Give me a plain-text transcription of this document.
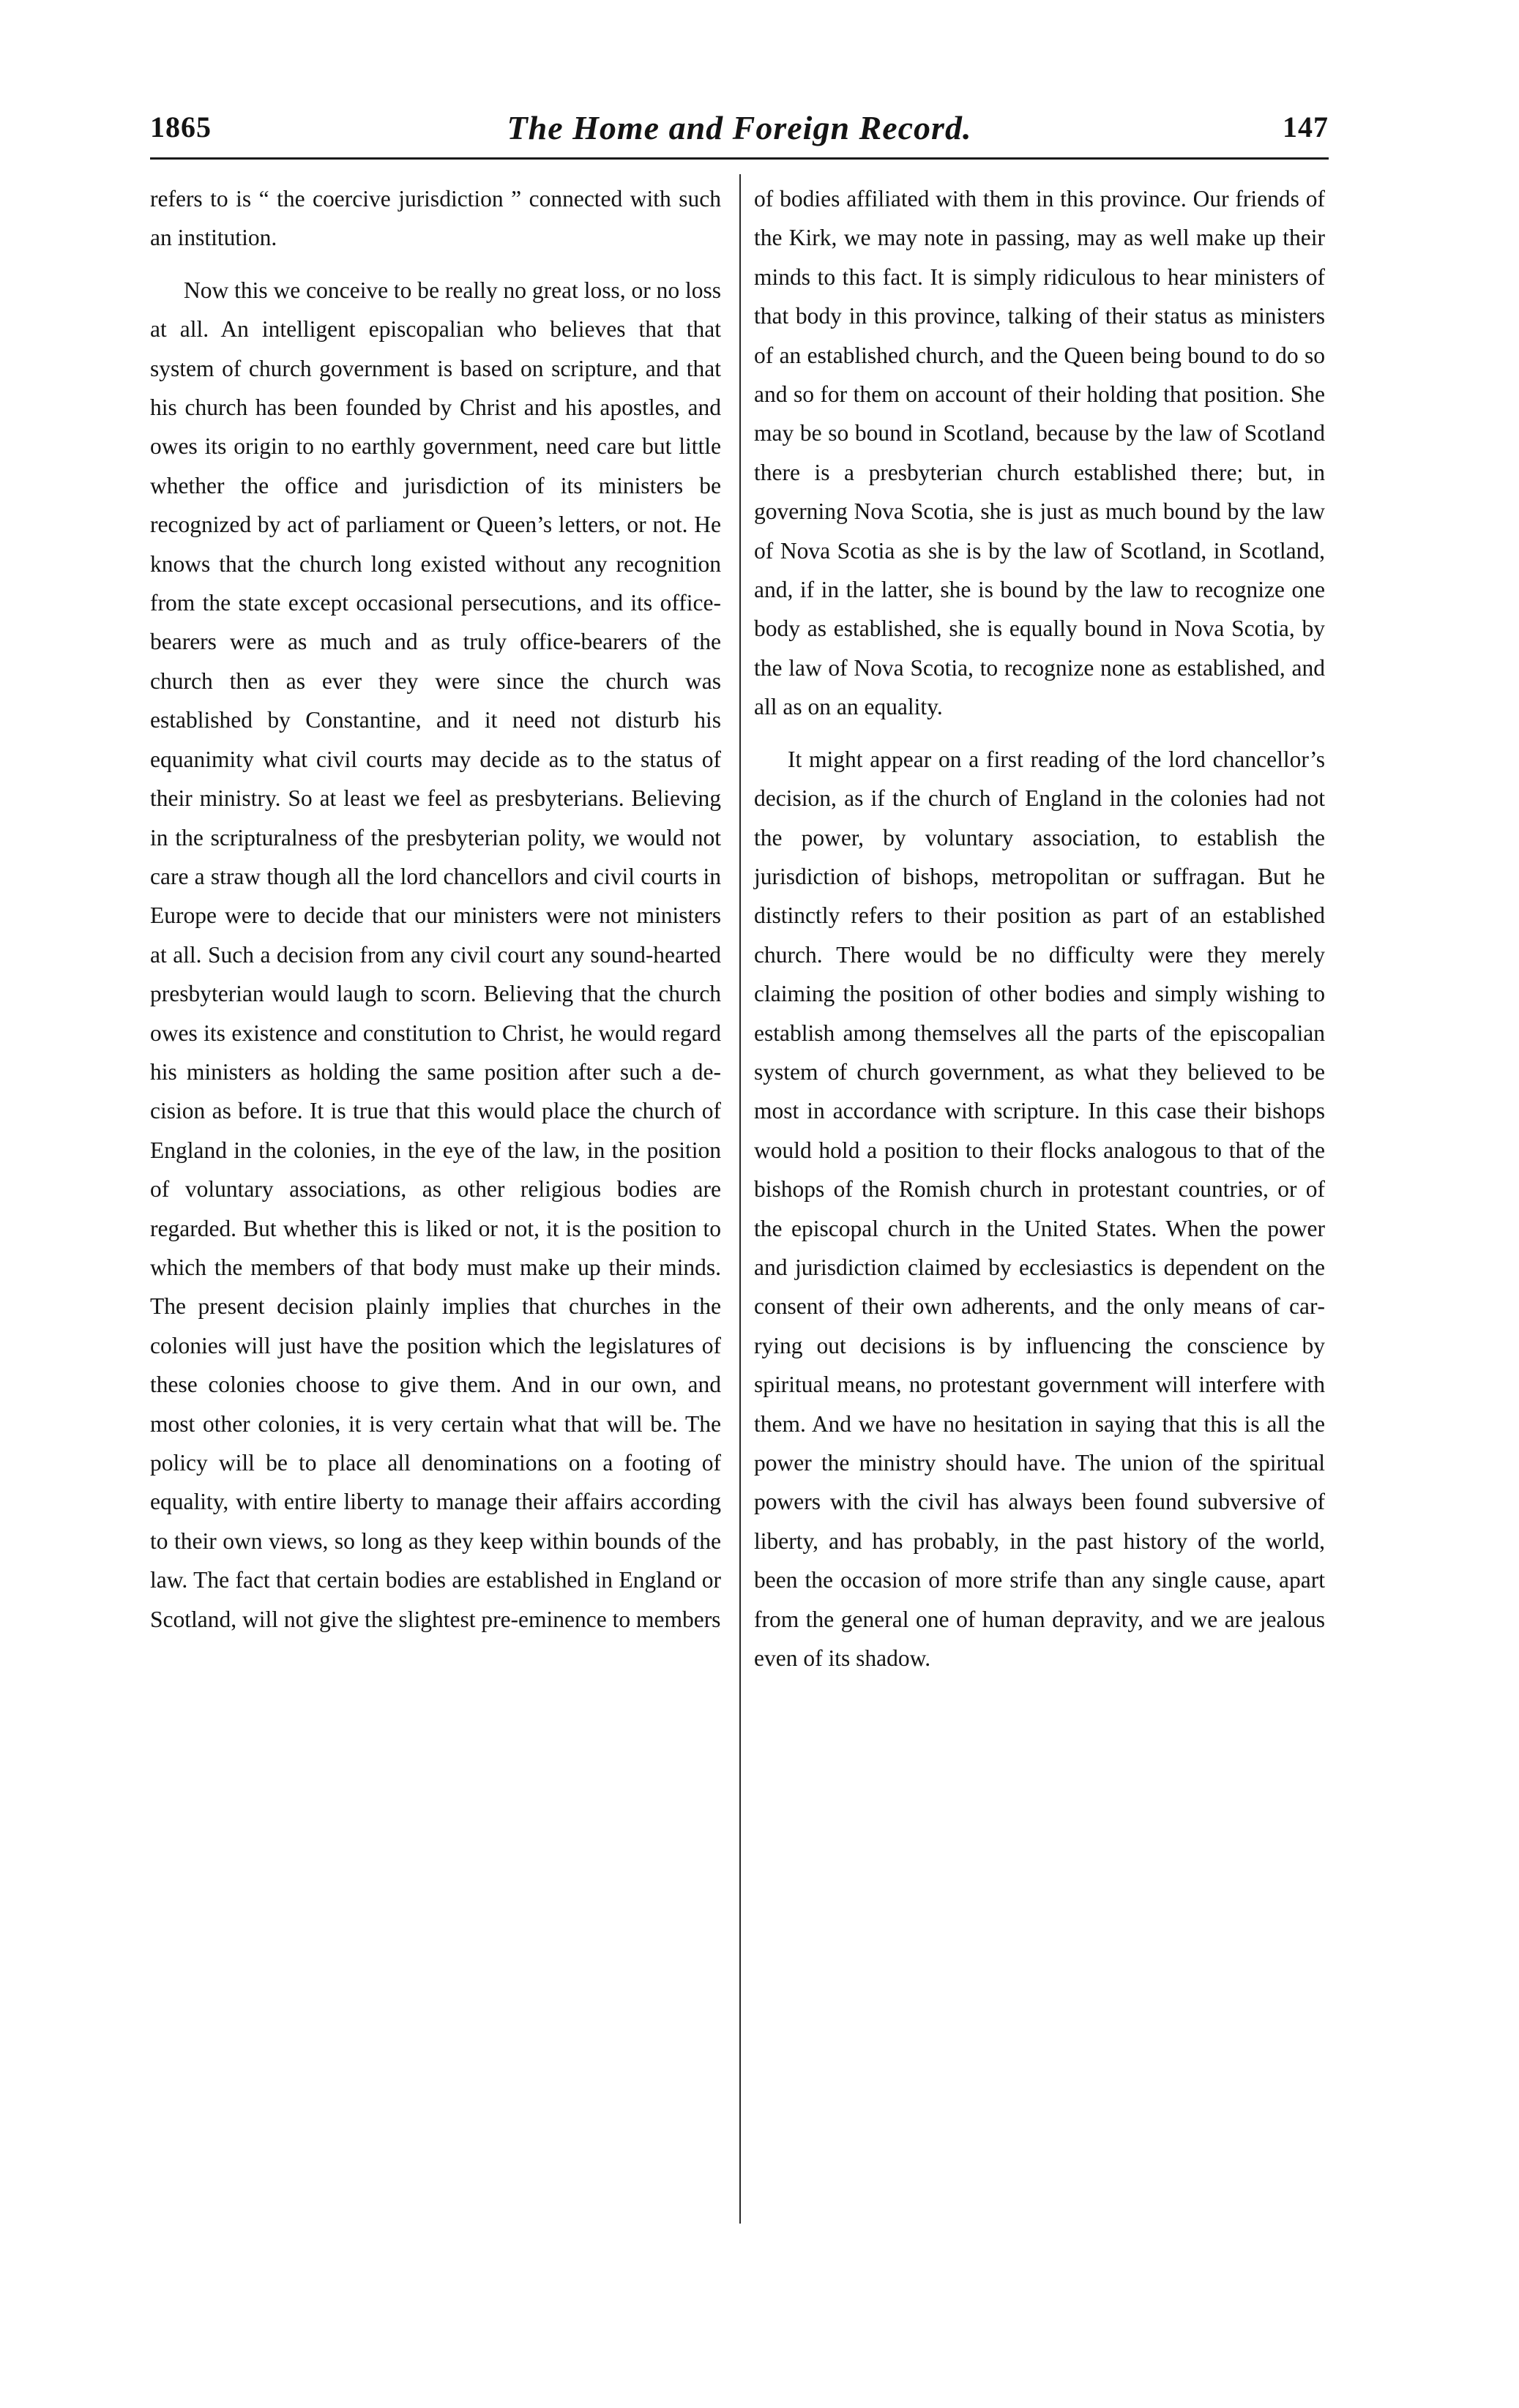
1865	The Home and Foreign Record.	147

refers to is “ the coercive jurisdiction ” connected with such an institution.

Now this we conceive to be really no great loss, or no loss at all. An intelligent episcopalian who believes that that system of church government is based on scripture, and that his church has been founded by Christ and his apostles, and owes its origin to no earthly government, need care but little whether the office and jurisdiction of its ministers be recognized by act of parliament or Queen’s letters, or not. He knows that the church long existed without any recognition from the state except occasional persecutions, and its office-bearers were as much and as truly office-bearers of the church then as ever they were since the church was established by Constantine, and it need not disturb his equanimity what civil courts may decide as to the status of their ministry. So at least we feel as presbyterians. Believing in the scripturalness of the presbyterian polity, we would not care a straw though all the lord chancellors and civil courts in Europe were to decide that our ministers were not ministers at all. Such a decision from any civil court any sound-hearted presbyterian would laugh to scorn. Believing that the church owes its existence and constitution to Christ, he would regard his ministers as holding the same position after such a decision as before. It is true that this would place the church of England in the colonies, in the eye of the law, in the position of voluntary associations, as other religious bodies are regarded. But whether this is liked or not, it is the position to which the members of that body must make up their minds. The present decision plainly implies that churches in the colonies will just have the position which the legislatures of these colonies choose to give them. And in our own, and most other colonies, it is very certain what that will be. The policy will be to place all denominations on a footing of equality, with entire liberty to manage their affairs according to their own views, so long as they keep within bounds of the law. The fact that certain bodies are established in England or Scotland, will not give the slightest pre-eminence to members

of bodies affiliated with them in this province. Our friends of the Kirk, we may note in passing, may as well make up their minds to this fact. It is simply ridiculous to hear ministers of that body in this province, talking of their status as ministers of an established church, and the Queen being bound to do so and so for them on account of their holding that position. She may be so bound in Scotland, because by the law of Scotland there is a presbyterian church established there; but, in governing Nova Scotia, she is just as much bound by the law of Nova Scotia as she is by the law of Scotland, in Scotland, and, if in the latter, she is bound by the law to recognize one body as established, she is equally bound in Nova Scotia, by the law of Nova Scotia, to recognize none as established, and all as on an equality.

It might appear on a first reading of the lord chancellor’s decision, as if the church of England in the colonies had not the power, by voluntary association, to establish the jurisdiction of bishops, metropolitan or suffragan. But he distinctly refers to their position as part of an established church. There would be no difficulty were they merely claiming the position of other bodies and simply wishing to establish among themselves all the parts of the episcopalian system of church government, as what they believed to be most in accordance with scripture. In this case their bishops would hold a position to their flocks analogous to that of the bishops of the Romish church in protestant countries, or of the episcopal church in the United States. When the power and jurisdiction claimed by ecclesiastics is dependent on the consent of their own adherents, and the only means of carrying out decisions is by influencing the conscience by spiritual means, no protestant government will interfere with them. And we have no hesitation in saying that this is all the power the ministry should have. The union of the spiritual powers with the civil has always been found subversive of liberty, and has probably, in the past history of the world, been the occasion of more strife than any single cause, apart from the general one of human depravity, and we are jealous even of its shadow.
